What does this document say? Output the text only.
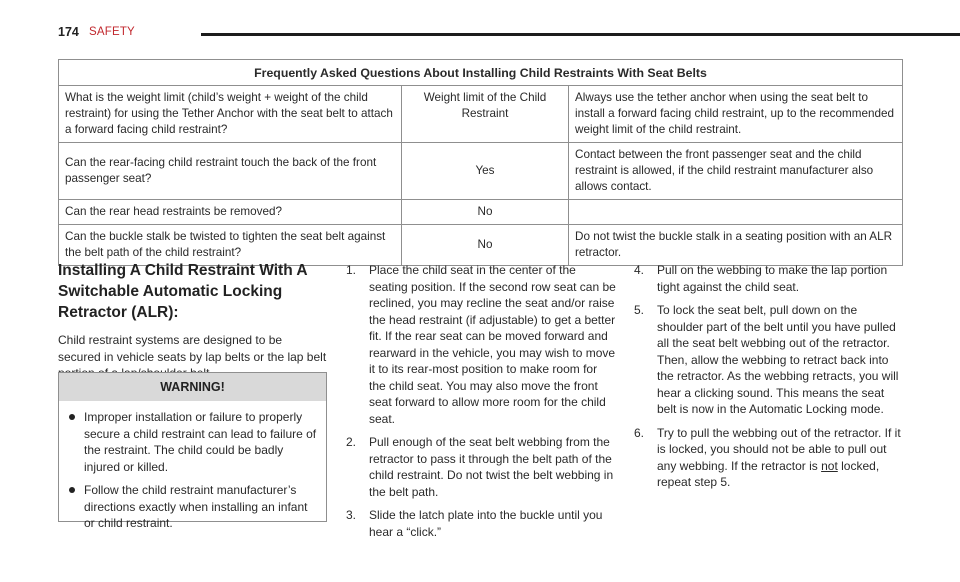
174 SAFETY
Frequently Asked Questions About Installing Child Restraints With Seat Belts		
What is the weight limit (child’s weight + weight of the child restraint) for using the Tether Anchor with the seat belt to attach a forward facing child restraint?	Weight limit of the Child Restraint	Always use the tether anchor when using the seat belt to install a forward facing child restraint, up to the recommended weight limit of the child restraint.
Can the rear-facing child restraint touch the back of the front passenger seat?	Yes	Contact between the front passenger seat and the child restraint is allowed, if the child restraint manufacturer also allows contact.
Can the rear head restraints be removed?	No	
Can the buckle stalk be twisted to tighten the seat belt against the belt path of the child restraint?	No	Do not twist the buckle stalk in a seating position with an ALR retractor.
Installing A Child Restraint With A Switchable Automatic Locking Retractor (ALR):

Child restraint systems are designed to be secured in vehicle seats by lap belts or the lap belt

WARNING!
Improper installation or failure to properly secure a child restraint can lead to failure of the restraint. The child could be badly injured or killed.
Follow the child restraint manufacturer’s directions exactly when installing an infant or child restraint.
1. Place the child seat in the center of the seating position. If the second row seat can be reclined, you may recline the seat and/or raise the head restraint (if adjustable) to get a better fit. If the rear seat can be moved forward and rearward in the vehicle, you may wish to move it to its rear-most position to make room for the child seat. You may also move the front seat forward to allow more room for the child seat.
2. Pull enough of the seat belt webbing from the retractor to pass it through the belt path of the child restraint. Do not twist the belt webbing in the belt path.
3. Slide the latch plate into the buckle until you hear a “click.”
4. Pull on the webbing to make the lap portion tight against the child seat.
5. To lock the seat belt, pull down on the shoulder part of the belt until you have pulled all the seat belt webbing out of the retractor. Then, allow the webbing to retract back into the retractor. As the webbing retracts, you will hear a clicking sound. This means the seat belt is now in the Automatic Locking mode.
6. Try to pull the webbing out of the retractor. If it is locked, you should not be able to pull out any webbing. If the retractor is not locked, repeat step 5.
